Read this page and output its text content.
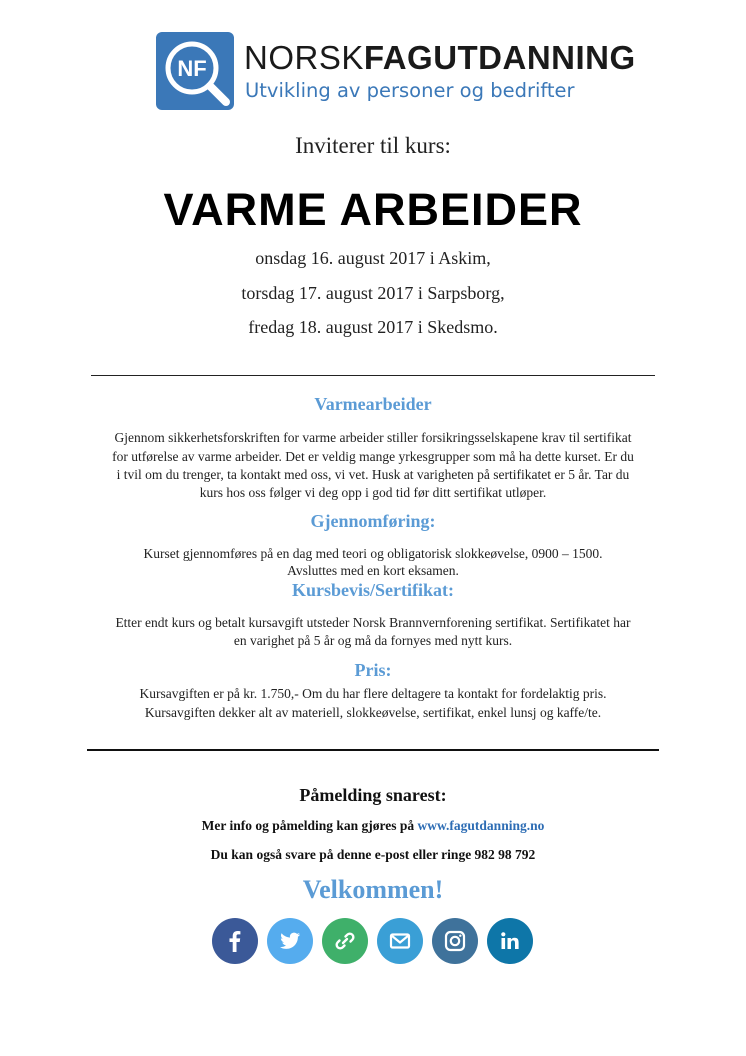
NF NORSKFAGUTDANNING
Utvikling av personer og bedrifter
Inviterer til kurs:
VARME ARBEIDER
onsdag 16. august 2017 i Askim,
torsdag 17. august 2017 i Sarpsborg,
fredag 18. august 2017 i Skedsmo.
Varmearbeider
Gjennom sikkerhetsforskriften for varme arbeider stiller forsikringsselskapene krav til sertifikat
for utførelse av varme arbeider. Det er veldig mange yrkesgrupper som må ha dette kurset. Er du
i tvil om du trenger, ta kontakt med oss, vi vet. Husk at varigheten på sertifikatet er 5 år. Tar du
kurs hos oss følger vi deg opp i god tid før ditt sertifikat utløper.
Gjennomføring:
Kurset gjennomføres på en dag med teori og obligatorisk slokkeøvelse, 0900 – 1500.
Avsluttes med en kort eksamen.
Kursbevis/Sertifikat:
Etter endt kurs og betalt kursavgift utsteder Norsk Brannvernforening sertifikat. Sertifikatet har
en varighet på 5 år og må da fornyes med nytt kurs.
Pris:
Kursavgiften er på kr. 1.750,- Om du har flere deltagere ta kontakt for fordelaktig pris.
Kursavgiften dekker alt av materiell, slokkeøvelse, sertifikat, enkel lunsj og kaffe/te.
Påmelding snarest:
Mer info og påmelding kan gjøres på www.fagutdanning.no
Du kan også svare på denne e-post eller ringe 982 98 792
Velkommen!
